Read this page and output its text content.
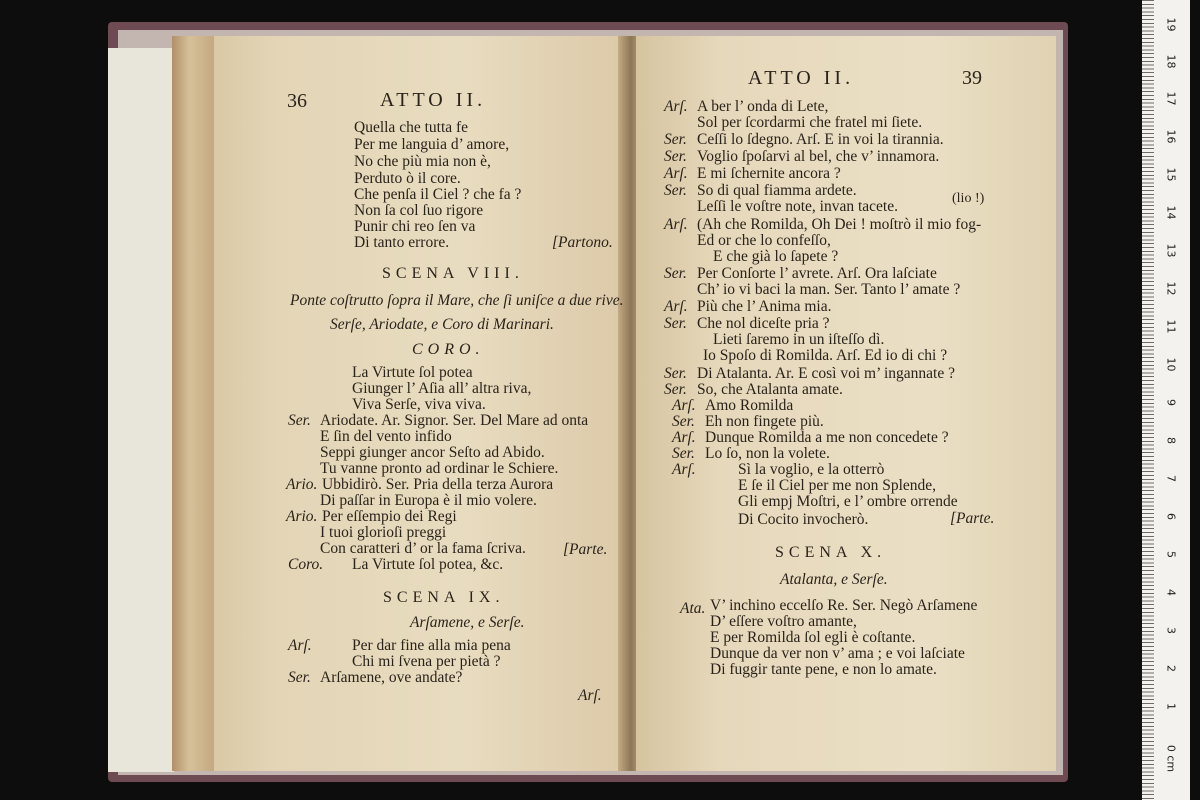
36	ATTO II.
Quella che tutta fe
Per me languia d’ amore,
No che più mia non è,
Perduto ò il core.
Che penſa il Ciel ? che fa ?
Non ſa col ſuo rigore
Punir chi reo ſen va
Di tanto errore.	[Partono.
SCENA VIII.
Ponte coſtrutto ſopra il Mare, che ſi uniſce a due rive.
Serſe, Ariodate, e Coro di Marinari.
CORO.
La Virtute ſol potea
Giunger l’ Aſia all’ altra riva,
Viva Serſe, viva viva.
Ser. Ariodate. Ar. Signor. Ser. Del Mare ad onta
E ſin del vento infido
Seppi giunger ancor Seſto ad Abido.
Tu vanne pronto ad ordinar le Schiere.
Ario. Ubbidirò. Ser. Pria della terza Aurora
Di paſſar in Europa è il mio volere.
Ario. Per eſſempio dei Regi
I tuoi glorioſi preggi
Con caratteri d’ or la fama ſcriva. [Parte.
Coro. La Virtute ſol potea, &c.
SCENA IX.
Arſamene, e Serſe.
Arſ.	Per dar fine alla mia pena
Chi mi ſvena per pietà ?
Ser. Arſamene, ove andate?
Arſ.
ATTO II.	39
Arſ. A ber l’ onda di Lete,
Sol per ſcordarmi che fratel mi ſiete.
Ser. Ceſſi lo ſdegno. Arſ. E in voi la tirannia.
Ser. Voglio ſpoſarvi al bel, che v’ innamora.
Arſ. E mi ſchernite ancora ?
Ser. So di qual fiamma ardete.
Leſſi le voſtre note, invan tacete.	(lio !)
Arſ. (Ah che Romilda, Oh Dei ! moſtrò il mio fog-
Ed or che lo confeſſo,
E che già lo ſapete ?
Ser. Per Conſorte l’ avrete. Arſ. Ora laſciate
Ch’ io vi baci la man. Ser. Tanto l’ amate ?
Arſ. Più che l’ Anima mia.
Ser. Che nol diceſte pria ?
Lieti ſaremo in un iſteſſo dì.
Io Spoſo di Romilda. Arſ. Ed io di chi ?
Ser. Di Atalanta. Ar. E così voi m’ ingannate ?
Ser. So, che Atalanta amate.
Arſ. Amo Romilda
Ser. Eh non fingete più.
Arſ. Dunque Romilda a me non concedete ?
Ser. Lo ſo, non la volete.
Arſ.	Sì la voglio, e la otterrò
E ſe il Ciel per me non Splende,
Gli empj Moſtri, e l’ ombre orrende
Di Cocito invocherò.	[Parte.
SCENA X.
Atalanta, e Serſe.
Ata. V’ inchino eccelſo Re. Ser. Negò Arſamene
D’ eſſere voſtro amante,
E per Romilda ſol egli è coſtante.
Dunque da ver non v’ ama ; e voi laſciate
Di fuggir tante pene, e non lo amate.
19
18
17
16
15
14
13
12
11
10
9
8
7
6
5
4
3
2
1
0 cm
